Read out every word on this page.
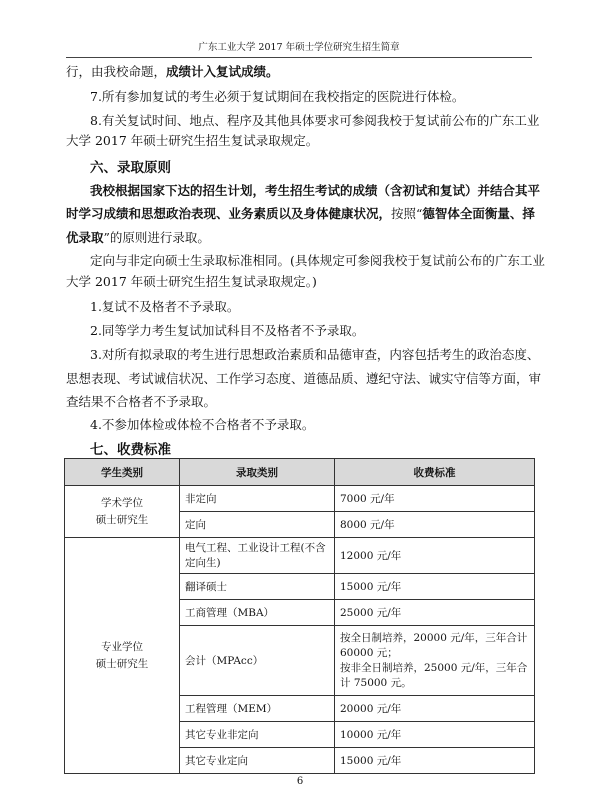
广东工业大学 2017 年硕士学位研究生招生简章
行，由我校命题，成绩计入复试成绩。
7.所有参加复试的考生必须于复试期间在我校指定的医院进行体检。
8.有关复试时间、地点、程序及其他具体要求可参阅我校于复试前公布的广东工业
大学 2017 年硕士研究生招生复试录取规定。
六、录取原则
我校根据国家下达的招生计划，考生招生考试的成绩（含初试和复试）并结合其平
时学习成绩和思想政治表现、业务素质以及身体健康状况，按照“德智体全面衡量、择
优录取”的原则进行录取。
定向与非定向硕士生录取标准相同。(具体规定可参阅我校于复试前公布的广东工业
大学 2017 年硕士研究生招生复试录取规定。)
1.复试不及格者不予录取。
2.同等学力考生复试加试科目不及格者不予录取。
3.对所有拟录取的考生进行思想政治素质和品德审查，内容包括考生的政治态度、
思想表现、考试诚信状况、工作学习态度、道德品质、遵纪守法、诚实守信等方面，审
查结果不合格者不予录取。
4.不参加体检或体检不合格者不予录取。
七、收费标准
学生类别	录取类别	收费标准
学术学位
硕士研究生	非定向	7000 元/年
	定向	8000 元/年
专业学位
硕士研究生	电气工程、工业设计工程(不含定向生)	12000 元/年
	翻译硕士	15000 元/年
	工商管理（MBA）	25000 元/年
	会计（MPAcc）	按全日制培养，20000 元/年，三年合计 60000 元；
按非全日制培养，25000 元/年，三年合计 75000 元。
	工程管理（MEM）	20000 元/年
	其它专业非定向	10000 元/年
	其它专业定向	15000 元/年
6
